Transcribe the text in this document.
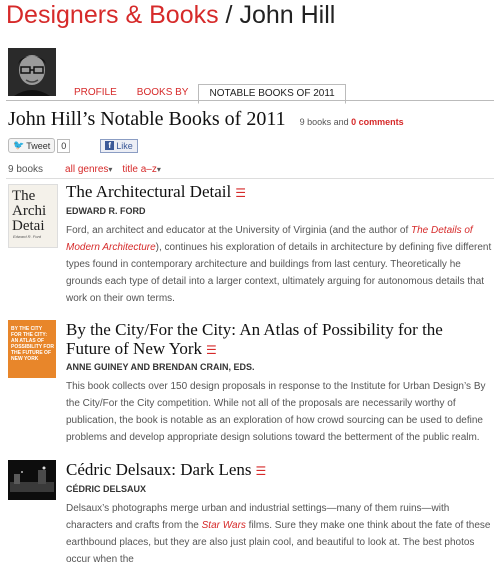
Designers & Books / John Hill
PROFILE	BOOKS BY	NOTABLE BOOKS OF 2011
John Hill’s Notable Books of 2011 9 books and 0 comments
🐦 Tweet	0	f Like
9 books all genres▾ title a–z▾
The
Archi
Detai
Edward R. Ford
The Architectural Detail ☰
EDWARD R. FORD
Ford, an architect and educator at the University of Virginia (and the author of The Details of Modern Architecture), continues his exploration of details in architecture by defining five different types found in contemporary architecture and buildings from last century. Theoretically he grounds each type of detail into a larger context, ultimately arguing for autonomous details that work on their own terms.
BY THE CITY
FOR THE CITY:
AN ATLAS OF
POSSIBILITY FOR
THE FUTURE OF
NEW YORK
By the City/For the City: An Atlas of Possibility for the Future of New York ☰
ANNE GUINEY AND BRENDAN CRAIN, EDS.
This book collects over 150 design proposals in response to the Institute for Urban Design’s By the City/For the City competition. While not all of the proposals are necessarily worthy of publication, the book is notable as an exploration of how crowd sourcing can be used to define problems and develop appropriate design solutions toward the betterment of the public realm.
Cédric Delsaux: Dark Lens ☰
CÉDRIC DELSAUX
Delsaux’s photographs merge urban and industrial settings—many of them ruins—with characters and crafts from the Star Wars films. Sure they make one think about the fate of these earthbound places, but they are also just plain cool, and beautiful to look at. The best photos occur when the
